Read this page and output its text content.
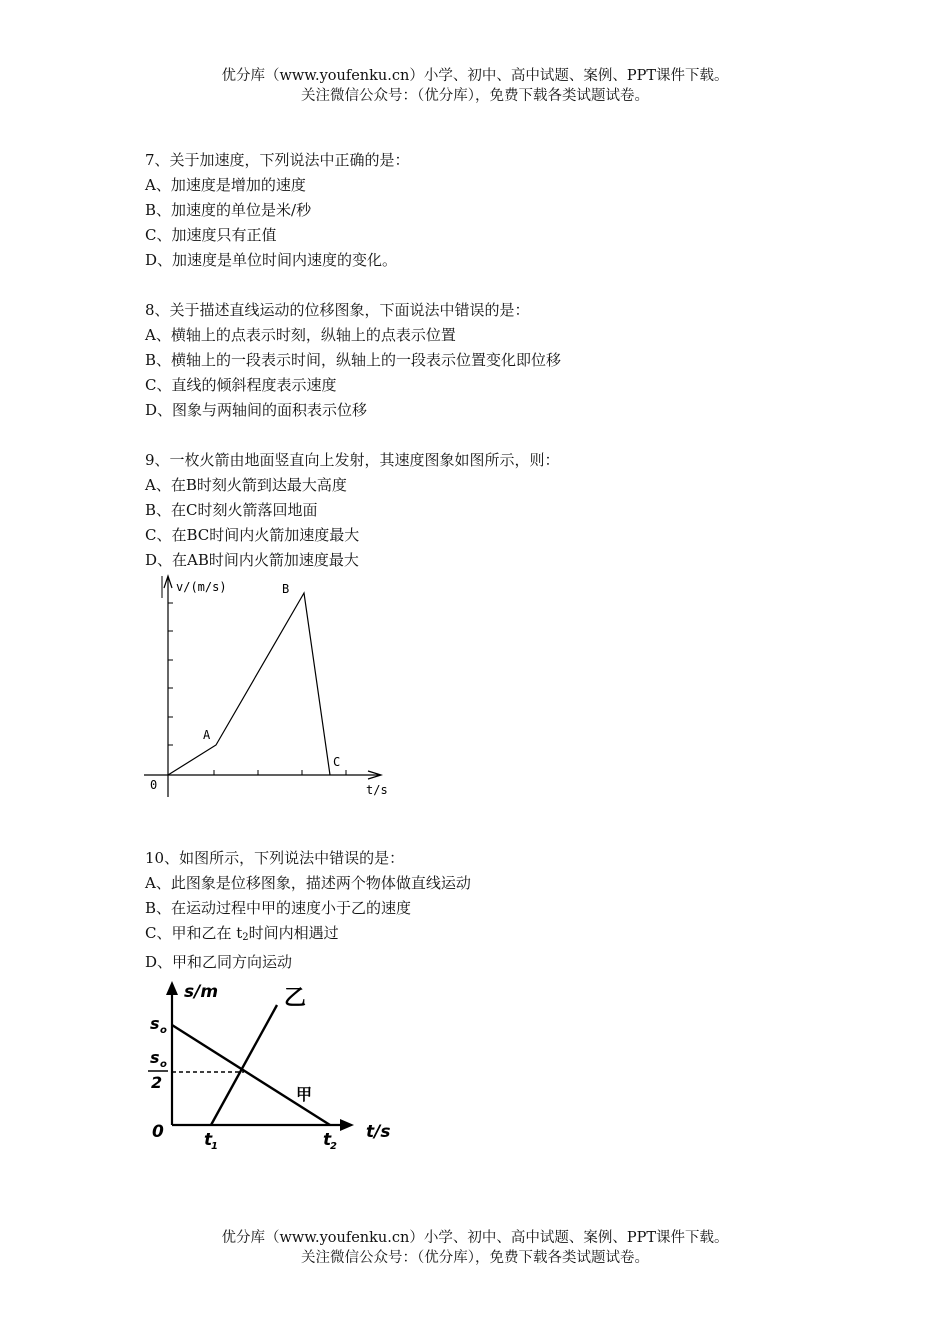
优分库（www.youfenku.cn）小学、初中、高中试题、案例、PPT课件下载。
关注微信公众号：（优分库），免费下载各类试题试卷。
7、关于加速度，下列说法中正确的是：
A、加速度是增加的速度
B、加速度的单位是米/秒
C、加速度只有正值
D、加速度是单位时间内速度的变化。
8、关于描述直线运动的位移图象，下面说法中错误的是：
A、横轴上的点表示时刻，纵轴上的点表示位置
B、横轴上的一段表示时间，纵轴上的一段表示位置变化即位移
C、直线的倾斜程度表示速度
D、图象与两轴间的面积表示位移
9、一枚火箭由地面竖直向上发射，其速度图象如图所示，则：
A、在B时刻火箭到达最大高度
B、在C时刻火箭落回地面
C、在BC时间内火箭加速度最大
D、在AB时间内火箭加速度最大
v/(m/s)
t/s
0
A
B
C
10、如图所示，下列说法中错误的是：
A、此图象是位移图象，描述两个物体做直线运动
B、在运动过程中甲的速度小于乙的速度
C、甲和乙在 $t_2$时间内相遇过
D、甲和乙同方向运动
s/m
t/s
0
s o
s o
2
t
1	t
2
乙
甲
优分库（www.youfenku.cn）小学、初中、高中试题、案例、PPT课件下载。
关注微信公众号：（优分库），免费下载各类试题试卷。
